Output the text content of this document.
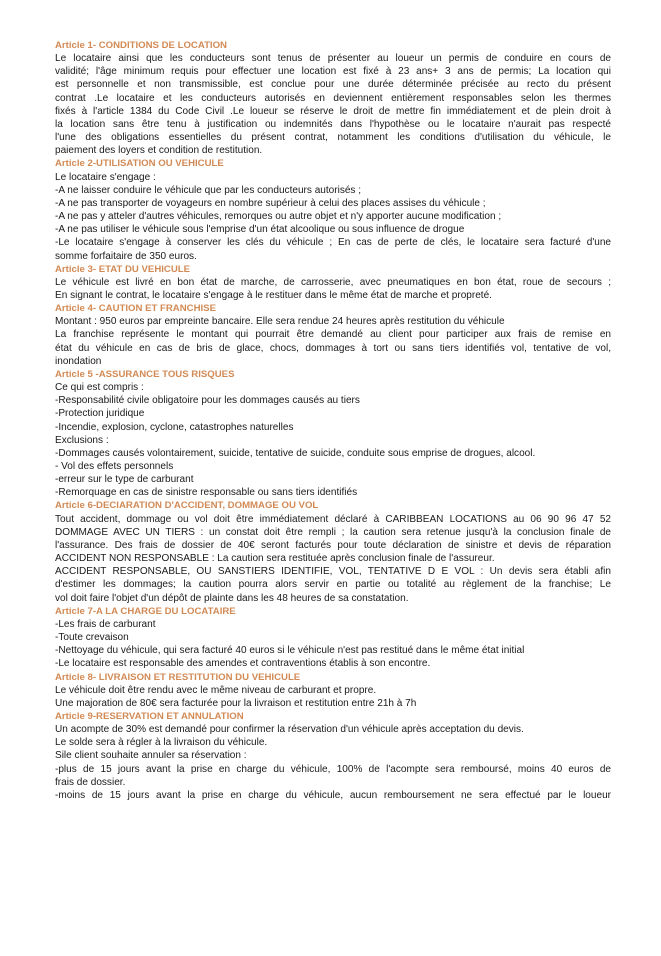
Article 1- CONDITIONS DE LOCATION
Le locataire ainsi que les conducteurs sont tenus de présenter au loueur un permis de conduire en cours de
validité; l'âge minimum requis pour effectuer une location est fixé à 23 ans+ 3 ans de permis; La location qui
est personnelle et non transmissible, est conclue pour une durée déterminée précisée au recto du présent
contrat .Le locataire et les conducteurs autorisés en deviennent entièrement responsables selon les thermes
fixés à l'article 1384 du Code Civil .Le loueur se réserve le droit de mettre fin immédiatement et de plein droit à
la location sans être tenu à justification ou indemnités dans l'hypothèse ou le locataire n'aurait pas respecté
l'une des obligations essentielles du présent contrat, notamment les conditions d'utilisation du véhicule, le
paiement des loyers et condition de restitution.
Article 2-UTILISATION OU VEHICULE
Le locataire s'engage :
-A ne laisser conduire le véhicule que par les conducteurs autorisés ;
-A ne pas transporter de voyageurs en nombre supérieur à celui des places assises du véhicule ;
-A ne pas y atteler d'autres véhicules, remorques ou autre objet et n'y apporter aucune modification ;
-A ne pas utiliser le véhicule sous l'emprise d'un état alcoolique ou sous influence de drogue
-Le locataire s'engage à conserver les clés du véhicule ; En cas de perte de clés, le locataire sera facturé d'une
somme forfaitaire de 350 euros.
Article 3- ETAT DU VEHICULE
Le véhicule est livré en bon état de marche, de carrosserie, avec pneumatiques en bon état, roue de secours ;
En signant le contrat, le locataire s'engage à le restituer dans le même état de marche et propreté.
Article 4- CAUTION ET FRANCHISE
Montant : 950 euros par empreinte bancaire. Elle sera rendue 24 heures après restitution du véhicule
La franchise représente le montant qui pourrait être demandé au client pour participer aux frais de remise en
état du véhicule en cas de bris de glace, chocs, dommages à tort ou sans tiers identifiés vol, tentative de vol,
inondation
Article 5 -ASSURANCE TOUS RISQUES
Ce qui est compris :
-Responsabilité civile obligatoire pour les dommages causés au tiers
-Protection juridique
-Incendie, explosion, cyclone, catastrophes naturelles
Exclusions :
-Dommages causés volontairement, suicide, tentative de suicide, conduite sous emprise de drogues, alcool.
- Vol des effets personnels
-erreur sur le type de carburant
-Remorquage en cas de sinistre responsable ou sans tiers identifiés
Article 6-DECIARATION D'ACCIDENT, DOMMAGE OU VOL
Tout accident, dommage ou vol doit être immédiatement déclaré à CARIBBEAN LOCATIONS au 06 90 96 47 52
DOMMAGE AVEC UN TIERS : un constat doit être rempli ; la caution sera retenue jusqu'à la conclusion finale de
l'assurance. Des frais de dossier de 40€ seront facturés pour toute déclaration de sinistre et devis de réparation
ACCIDENT NON RESPONSABLE : La caution sera restituée après conclusion finale de l'assureur.
ACCIDENT RESPONSABLE, OU SANSTIERS IDENTIFIE, VOL, TENTATIVE D E VOL : Un devis sera établi afin
d'estimer les dommages; la caution pourra alors servir en partie ou totalité au règlement de la franchise; Le
vol doit faire l'objet d'un dépôt de plainte dans les 48 heures de sa constatation.
Article 7-A LA CHARGE DU LOCATAIRE
-Les frais de carburant
-Toute crevaison
-Nettoyage du véhicule, qui sera facturé 40 euros si le véhicule n'est pas restitué dans le même état initial
-Le locataire est responsable des amendes et contraventions établis à son encontre.
Article 8- LIVRAISON ET RESTITUTION DU VEHICULE
Le véhicule doit être rendu avec le même niveau de carburant et propre.
Une majoration de 80€ sera facturée pour la livraison et restitution entre 21h à 7h
Article 9-RESERVATION ET ANNULATION
Un acompte de 30% est demandé pour confirmer la réservation d'un véhicule après acceptation du devis.
Le solde sera à régler à la livraison du véhicule.
Sile client souhaite annuler sa réservation :
-plus de 15 jours avant la prise en charge du véhicule, 100% de l'acompte sera remboursé, moins 40 euros de
frais de dossier.
-moins de 15 jours avant la prise en charge du véhicule, aucun remboursement ne sera effectué par le loueur
